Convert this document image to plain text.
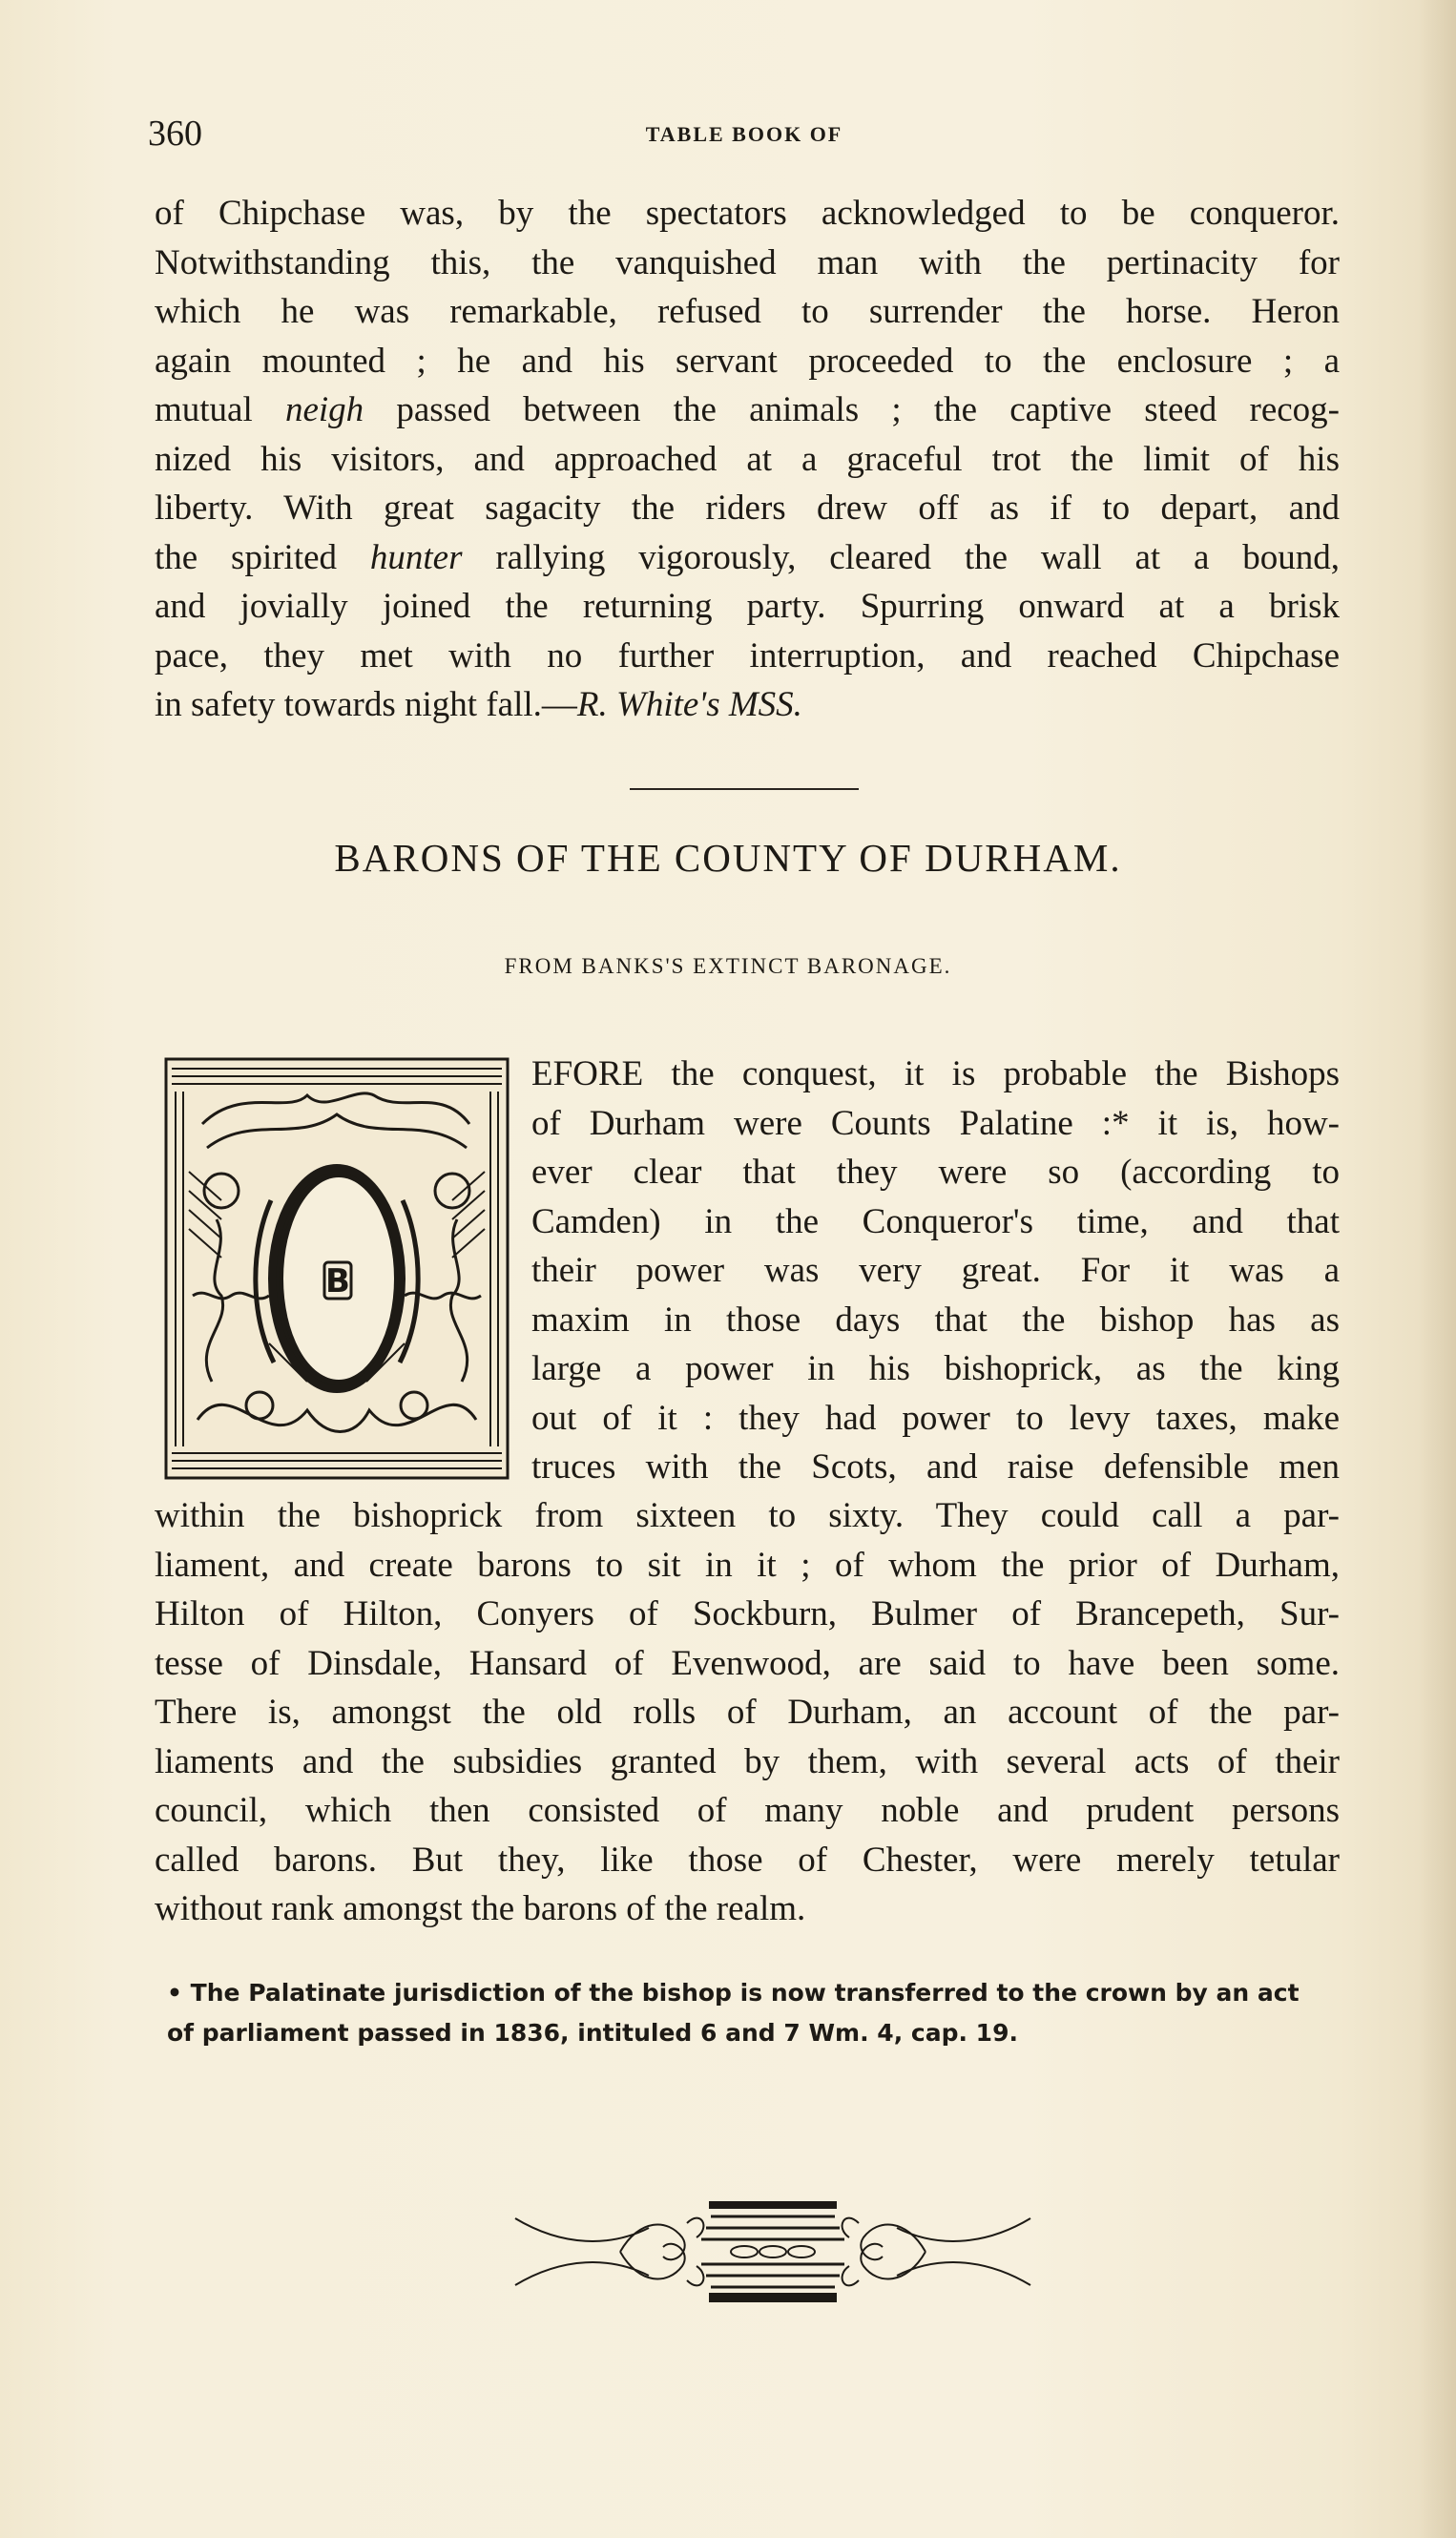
360	TABLE BOOK OF
of Chipchase was, by the spectators acknowledged to be conqueror.
Notwithstanding this, the vanquished man with the pertinacity for
which he was remarkable, refused to surrender the horse. Heron
again mounted ; he and his servant proceeded to the enclosure ; a
mutual neigh passed between the animals ; the captive steed recog-
nized his visitors, and approached at a graceful trot the limit of his
liberty. With great sagacity the riders drew off as if to depart, and
the spirited hunter rallying vigorously, cleared the wall at a bound,
and jovially joined the returning party. Spurring onward at a brisk
pace, they met with no further interruption, and reached Chipchase
in safety towards night fall.—R. White's MSS.
BARONS OF THE COUNTY OF DURHAM.
FROM BANKS'S EXTINCT BARONAGE.
B
EFORE the conquest, it is probable the Bishops
of Durham were Counts Palatine :* it is, how-
ever clear that they were so (according to
Camden) in the Conqueror's time, and that
their power was very great. For it was a
maxim in those days that the bishop has as
large a power in his bishoprick, as the king
out of it : they had power to levy taxes, make
truces with the Scots, and raise defensible men
within the bishoprick from sixteen to sixty. They could call a par-
liament, and create barons to sit in it ; of whom the prior of Durham,
Hilton of Hilton, Conyers of Sockburn, Bulmer of Brancepeth, Sur-
tesse of Dinsdale, Hansard of Evenwood, are said to have been some.
There is, amongst the old rolls of Durham, an account of the par-
liaments and the subsidies granted by them, with several acts of their
council, which then consisted of many noble and prudent persons
called barons. But they, like those of Chester, were merely tetular
without rank amongst the barons of the realm.
• The Palatinate jurisdiction of the bishop is now transferred to the crown by an act
of parliament passed in 1836, intituled 6 and 7 Wm. 4, cap. 19.
